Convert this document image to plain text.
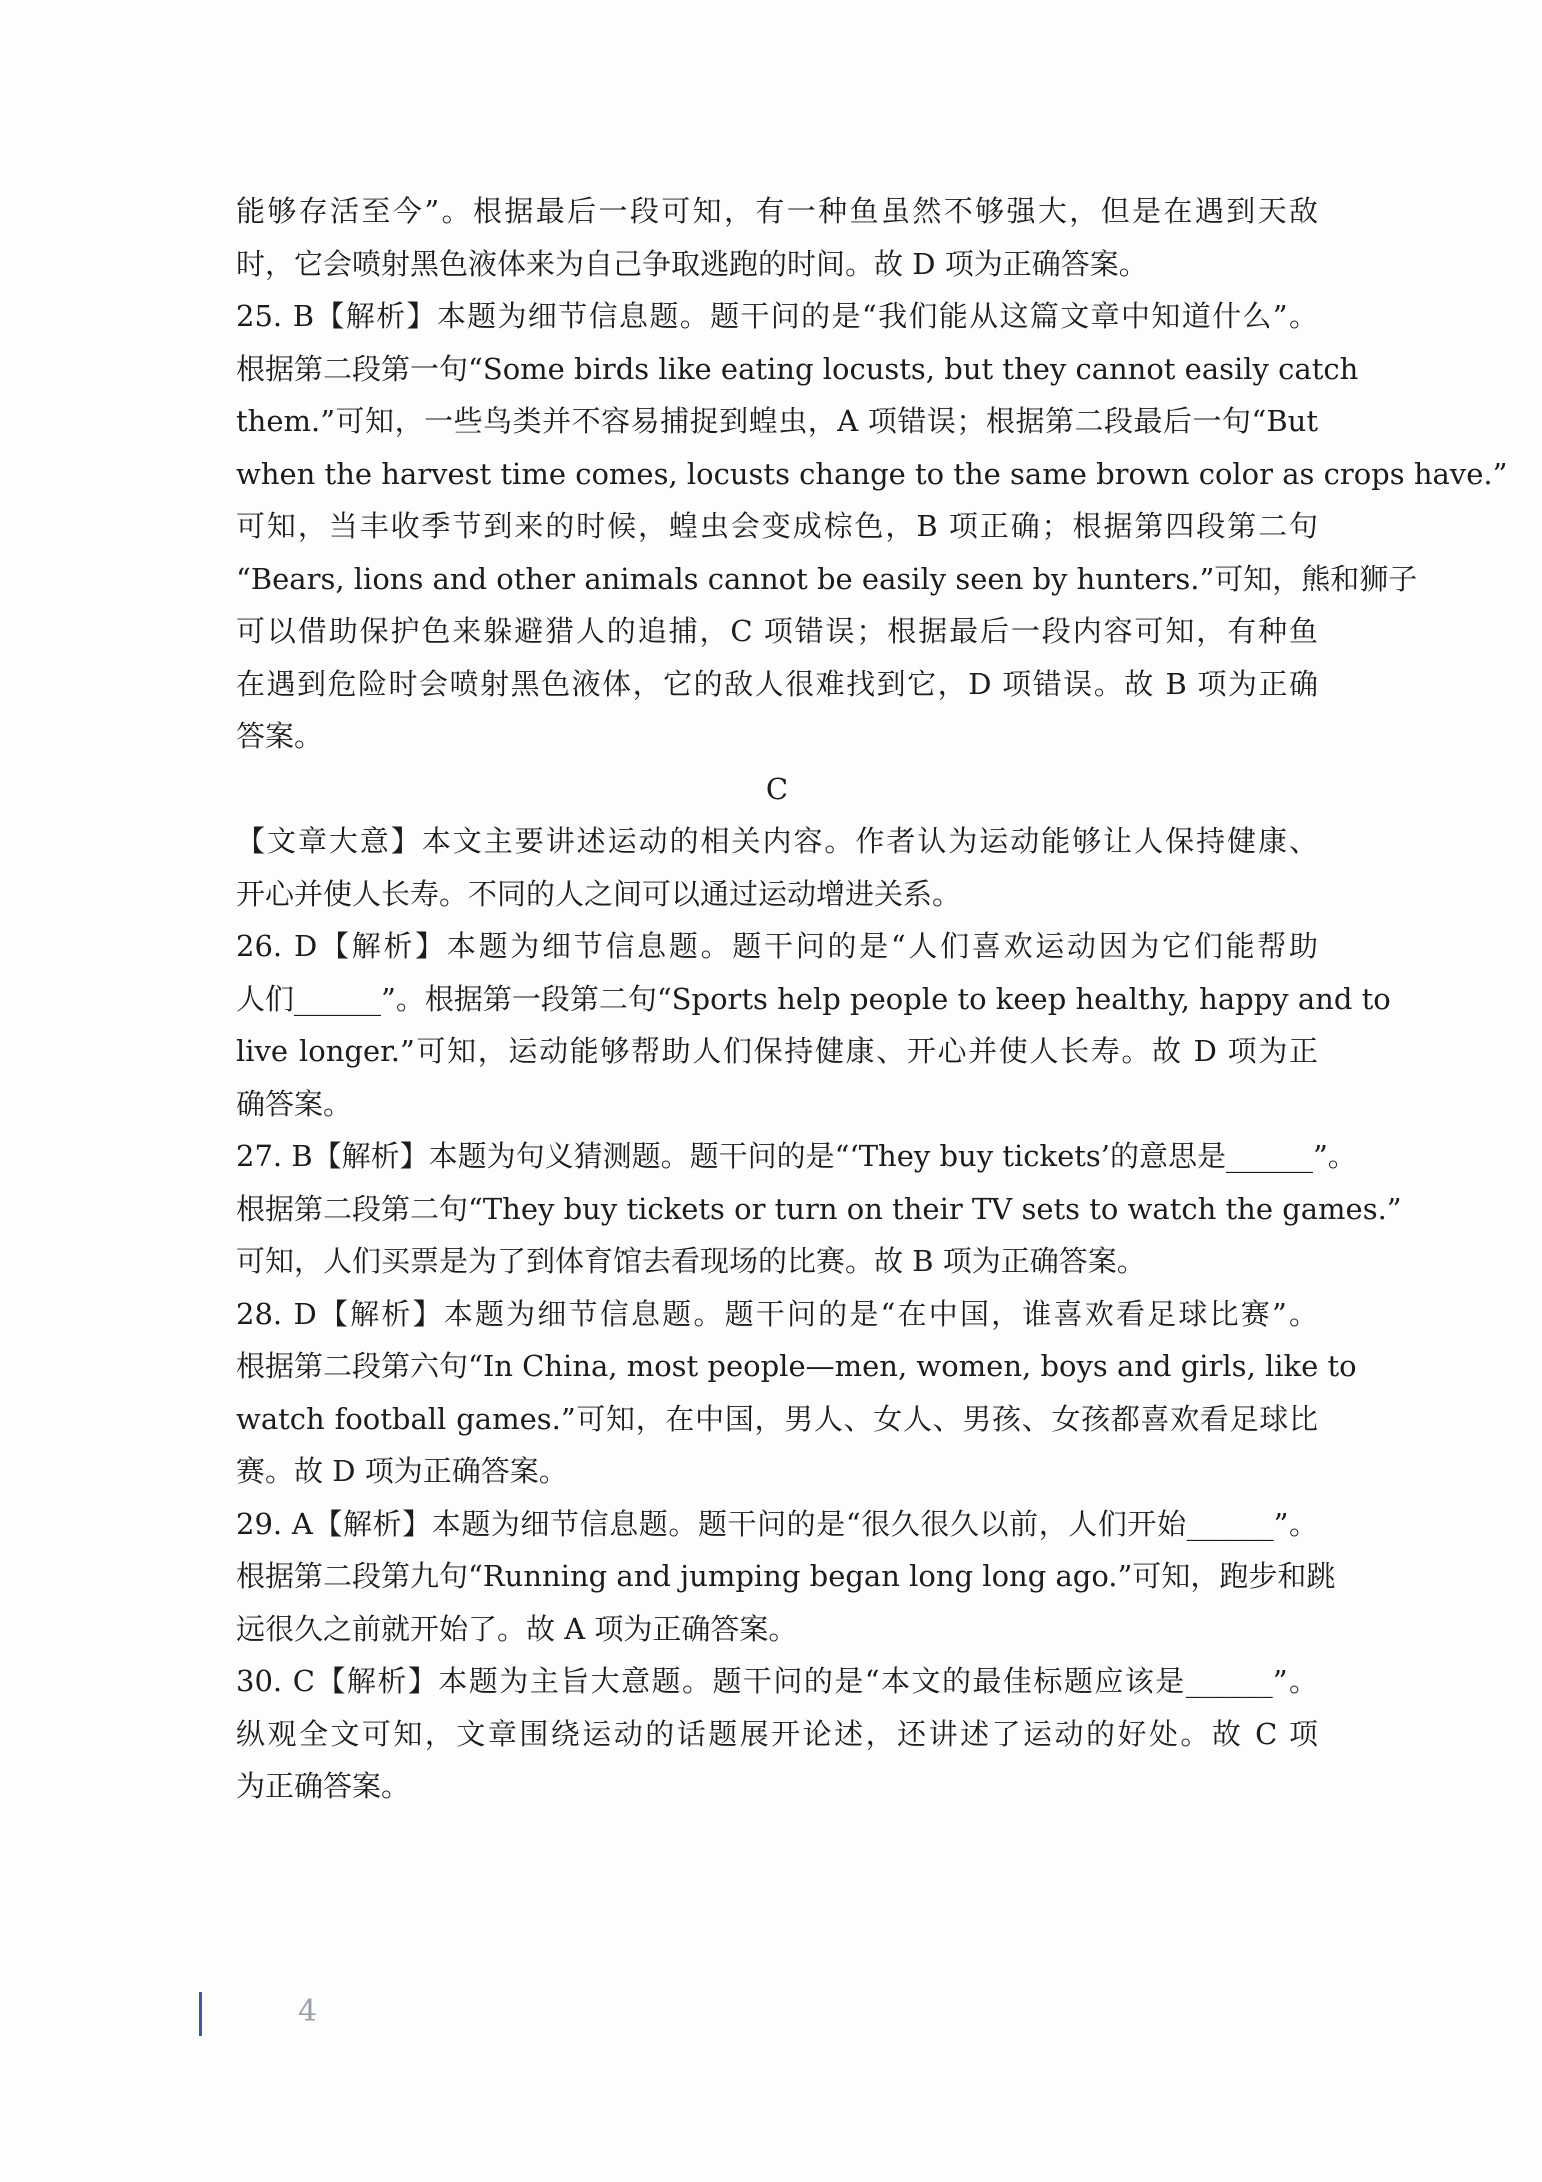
能够存活至今”。根据最后一段可知，有一种鱼虽然不够强大，但是在遇到天敌
时，它会喷射黑色液体来为自己争取逃跑的时间。故 D 项为正确答案。
25. B【解析】本题为细节信息题。题干问的是“我们能从这篇文章中知道什么”。
根据第二段第一句“Some birds like eating locusts, but they cannot easily catch
them.”可知，一些鸟类并不容易捕捉到蝗虫，A 项错误；根据第二段最后一句“But
when the harvest time comes, locusts change to the same brown color as crops have.”
可知，当丰收季节到来的时候，蝗虫会变成棕色，B 项正确；根据第四段第二句
“Bears, lions and other animals cannot be easily seen by hunters.”可知，熊和狮子
可以借助保护色来躲避猎人的追捕，C 项错误；根据最后一段内容可知，有种鱼
在遇到危险时会喷射黑色液体，它的敌人很难找到它，D 项错误。故 B 项为正确
答案。
C
【文章大意】本文主要讲述运动的相关内容。作者认为运动能够让人保持健康、
开心并使人长寿。不同的人之间可以通过运动增进关系。
26. D【解析】本题为细节信息题。题干问的是“人们喜欢运动因为它们能帮助
人们______”。根据第一段第二句“Sports help people to keep healthy, happy and to
live longer.”可知，运动能够帮助人们保持健康、开心并使人长寿。故 D 项为正
确答案。
27. B【解析】本题为句义猜测题。题干问的是“‘They buy tickets’的意思是______”。
根据第二段第二句“They buy tickets or turn on their TV sets to watch the games.”
可知，人们买票是为了到体育馆去看现场的比赛。故 B 项为正确答案。
28. D【解析】本题为细节信息题。题干问的是“在中国，谁喜欢看足球比赛”。
根据第二段第六句“In China, most people—men, women, boys and girls, like to
watch football games.”可知，在中国，男人、女人、男孩、女孩都喜欢看足球比
赛。故 D 项为正确答案。
29. A【解析】本题为细节信息题。题干问的是“很久很久以前，人们开始______”。
根据第二段第九句“Running and jumping began long long ago.”可知，跑步和跳
远很久之前就开始了。故 A 项为正确答案。
30. C【解析】本题为主旨大意题。题干问的是“本文的最佳标题应该是______”。
纵观全文可知，文章围绕运动的话题展开论述，还讲述了运动的好处。故 C 项
为正确答案。
4
